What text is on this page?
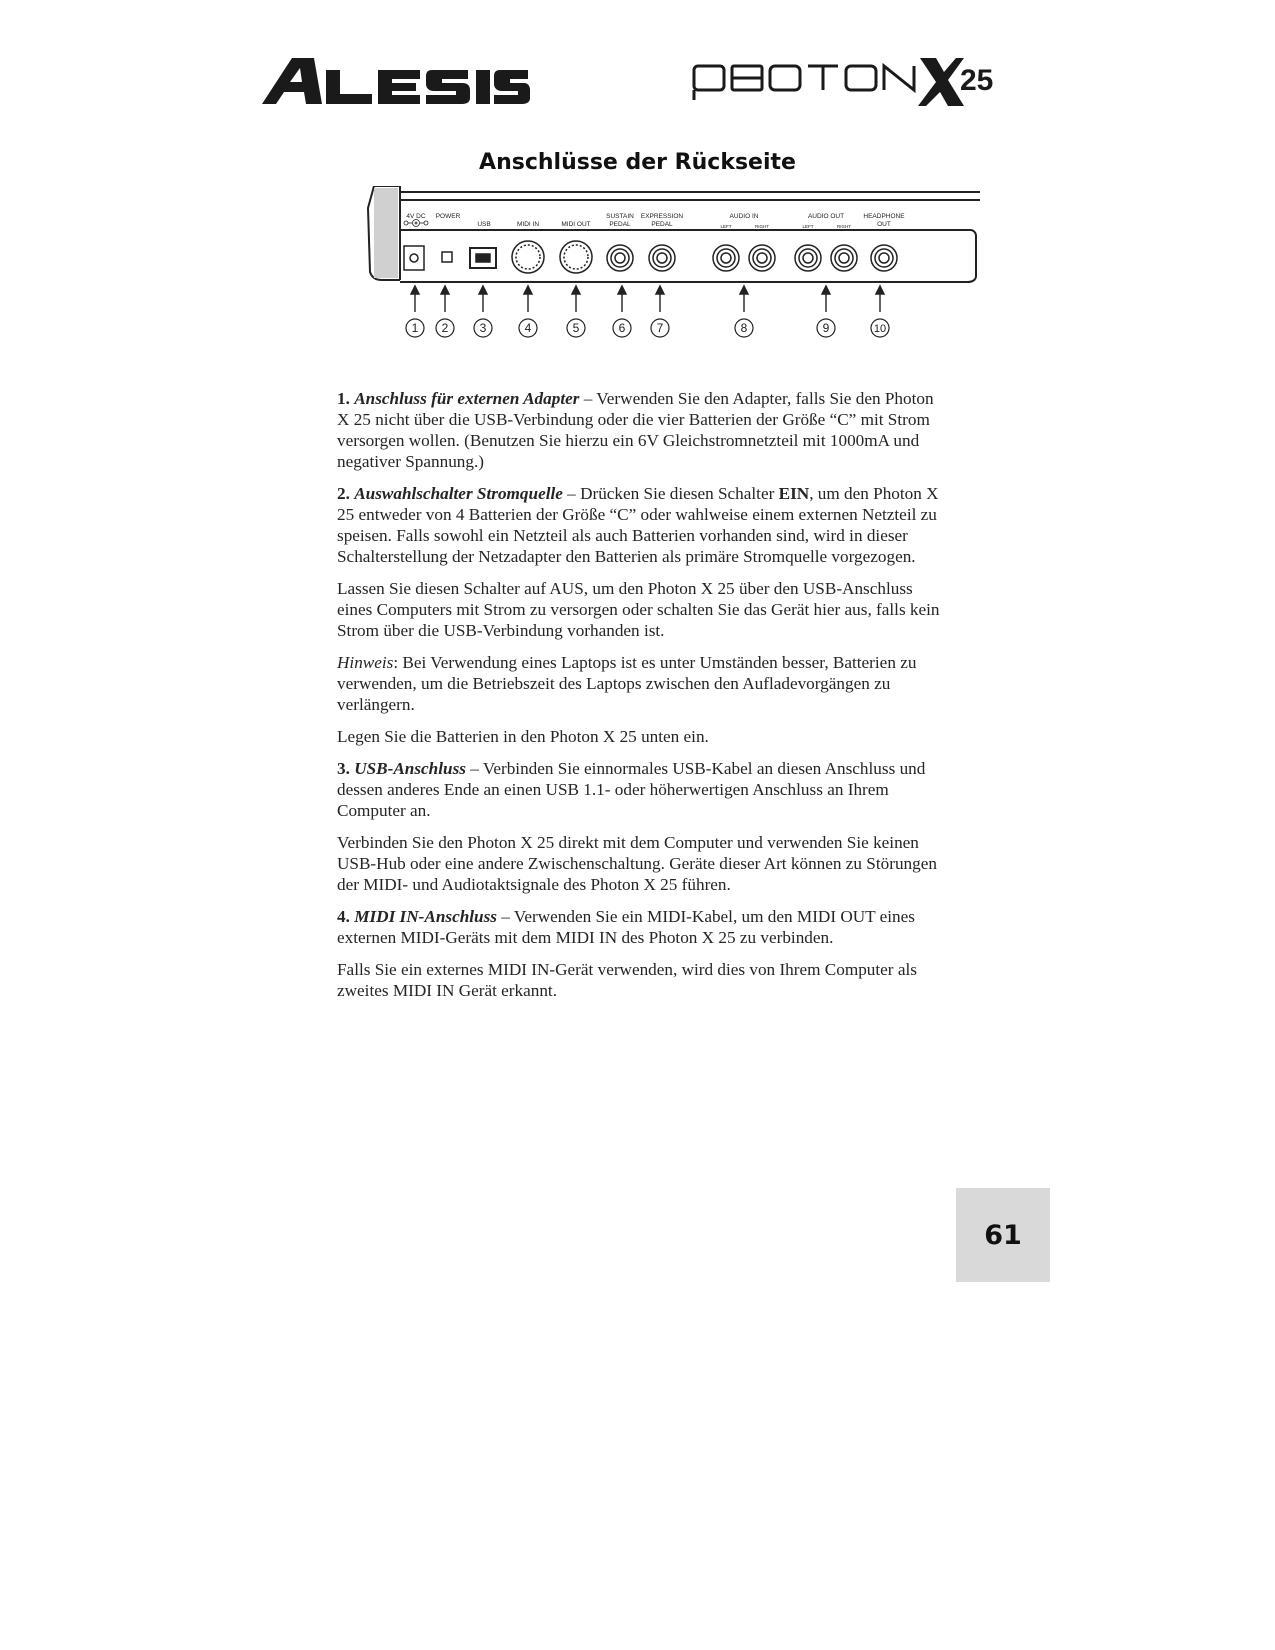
25
Anschlüsse der Rückseite
4V DC POWER
USB	MIDI IN	MIDI OUT
SUSTAIN
PEDAL
EXPRESSION
PEDAL
AUDIO IN	AUDIO OUT	HEADPHONE
OUT
LEFT	RIGHT	LEFT	RIGHT
1 2	3	4	5	6	7	8	9	10

1. Anschluss für externen Adapter – Verwenden Sie den Adapter, falls Sie den Photon X 25 nicht über die USB-Verbindung oder die vier Batterien der Größe “C” mit Strom versorgen wollen. (Benutzen Sie hierzu ein 6V Gleichstromnetzteil mit 1000mA und negativer Spannung.)

2. Auswahlschalter Stromquelle – Drücken Sie diesen Schalter EIN, um den Photon X 25 entweder von 4 Batterien der Größe “C” oder wahlweise einem externen Netzteil zu speisen. Falls sowohl ein Netzteil als auch Batterien vorhanden sind, wird in dieser Schalterstellung der Netzadapter den Batterien als primäre Stromquelle vorgezogen.

Lassen Sie diesen Schalter auf AUS, um den Photon X 25 über den USB-Anschluss eines Computers mit Strom zu versorgen oder schalten Sie das Gerät hier aus, falls kein Strom über die USB-Verbindung vorhanden ist.

Hinweis: Bei Verwendung eines Laptops ist es unter Umständen besser, Batterien zu verwenden, um die Betriebszeit des Laptops zwischen den Aufladevorgängen zu verlängern.

Legen Sie die Batterien in den Photon X 25 unten ein.

3. USB-Anschluss – Verbinden Sie einnormales USB-Kabel an diesen Anschluss und dessen anderes Ende an einen USB 1.1- oder höherwertigen Anschluss an Ihrem Computer an.

Verbinden Sie den Photon X 25 direkt mit dem Computer und verwenden Sie keinen USB-Hub oder eine andere Zwischenschaltung. Geräte dieser Art können zu Störungen der MIDI- und Audiotaktsignale des Photon X 25 führen.

4. MIDI IN-Anschluss – Verwenden Sie ein MIDI-Kabel, um den MIDI OUT eines externen MIDI-Geräts mit dem MIDI IN des Photon X 25 zu verbinden.

Falls Sie ein externes MIDI IN-Gerät verwenden, wird dies von Ihrem Computer als zweites MIDI IN Gerät erkannt.

61
